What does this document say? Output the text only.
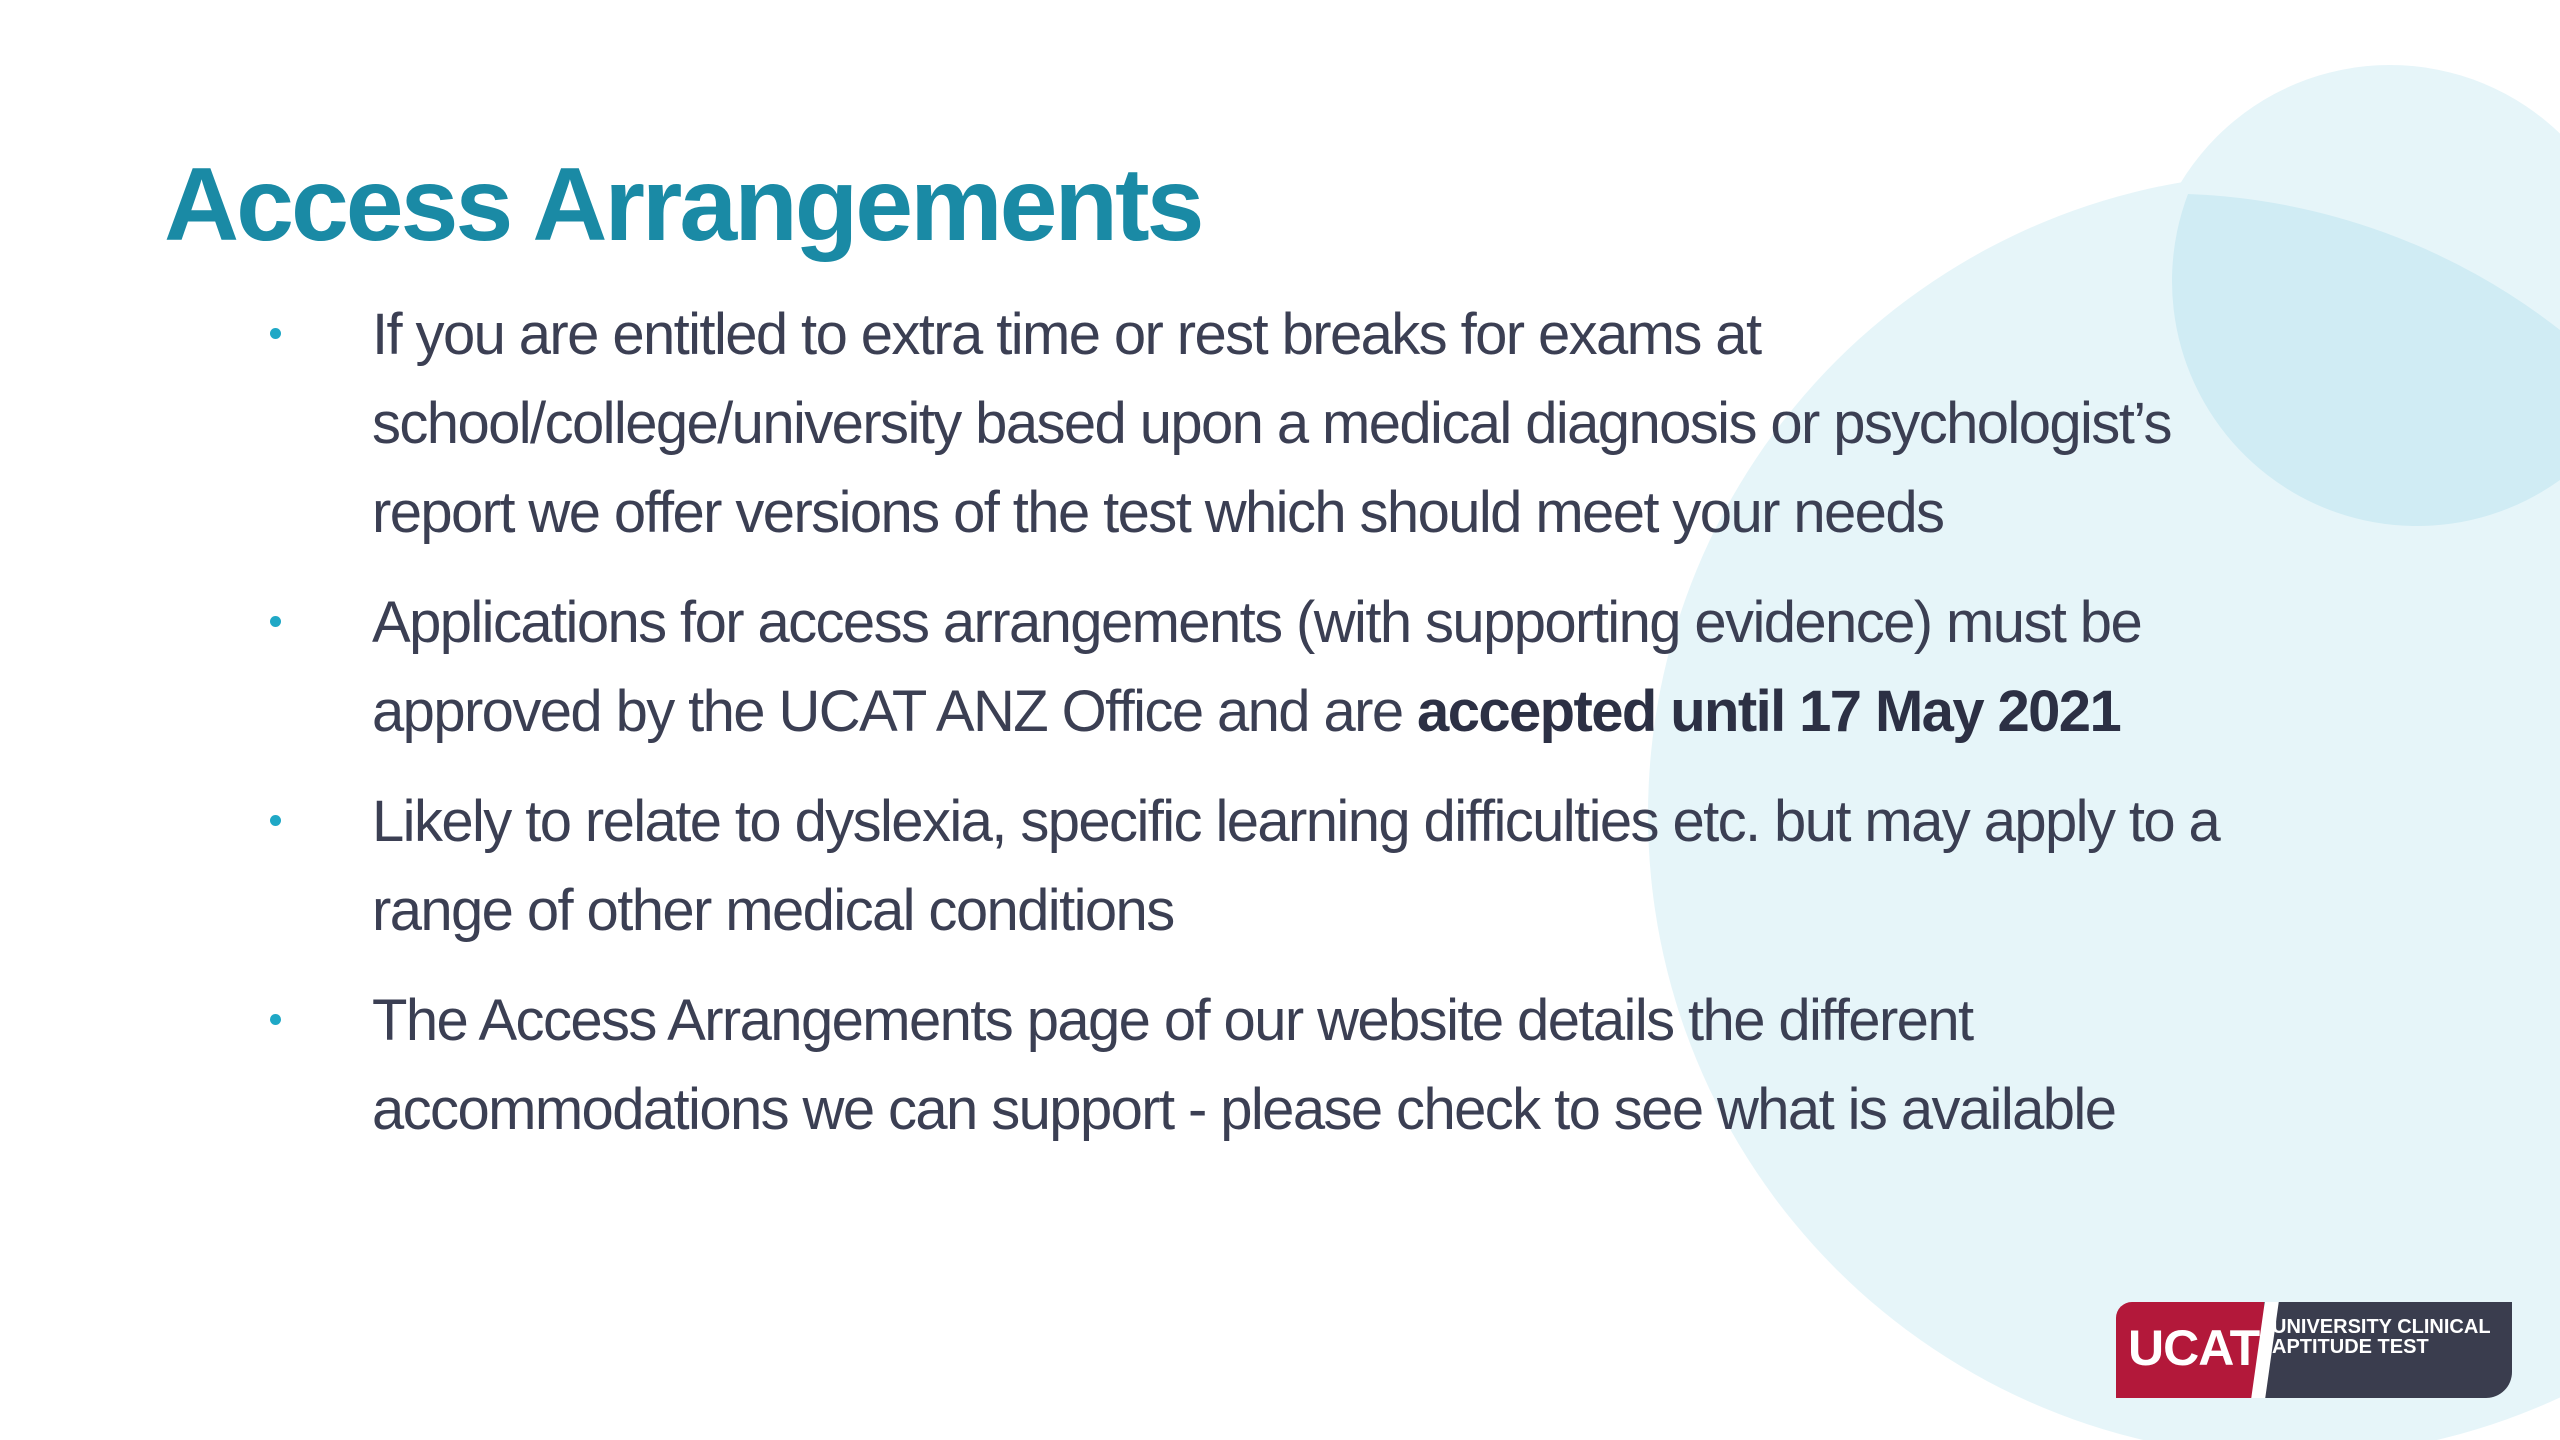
Access Arrangements
If you are entitled to extra time or rest breaks for exams at school/college/university based upon a medical diagnosis or psychologist’s report we offer versions of the test which should meet your needs
Applications for access arrangements (with supporting evidence) must be approved by the UCAT ANZ Office and are accepted until 17 May 2021
Likely to relate to dyslexia, specific learning difficulties etc. but may apply to a range of other medical conditions
The Access Arrangements page of our website details the different accommodations we can support - please check to see what is available
UCAT UNIVERSITY CLINICAL
APTITUDE TEST
